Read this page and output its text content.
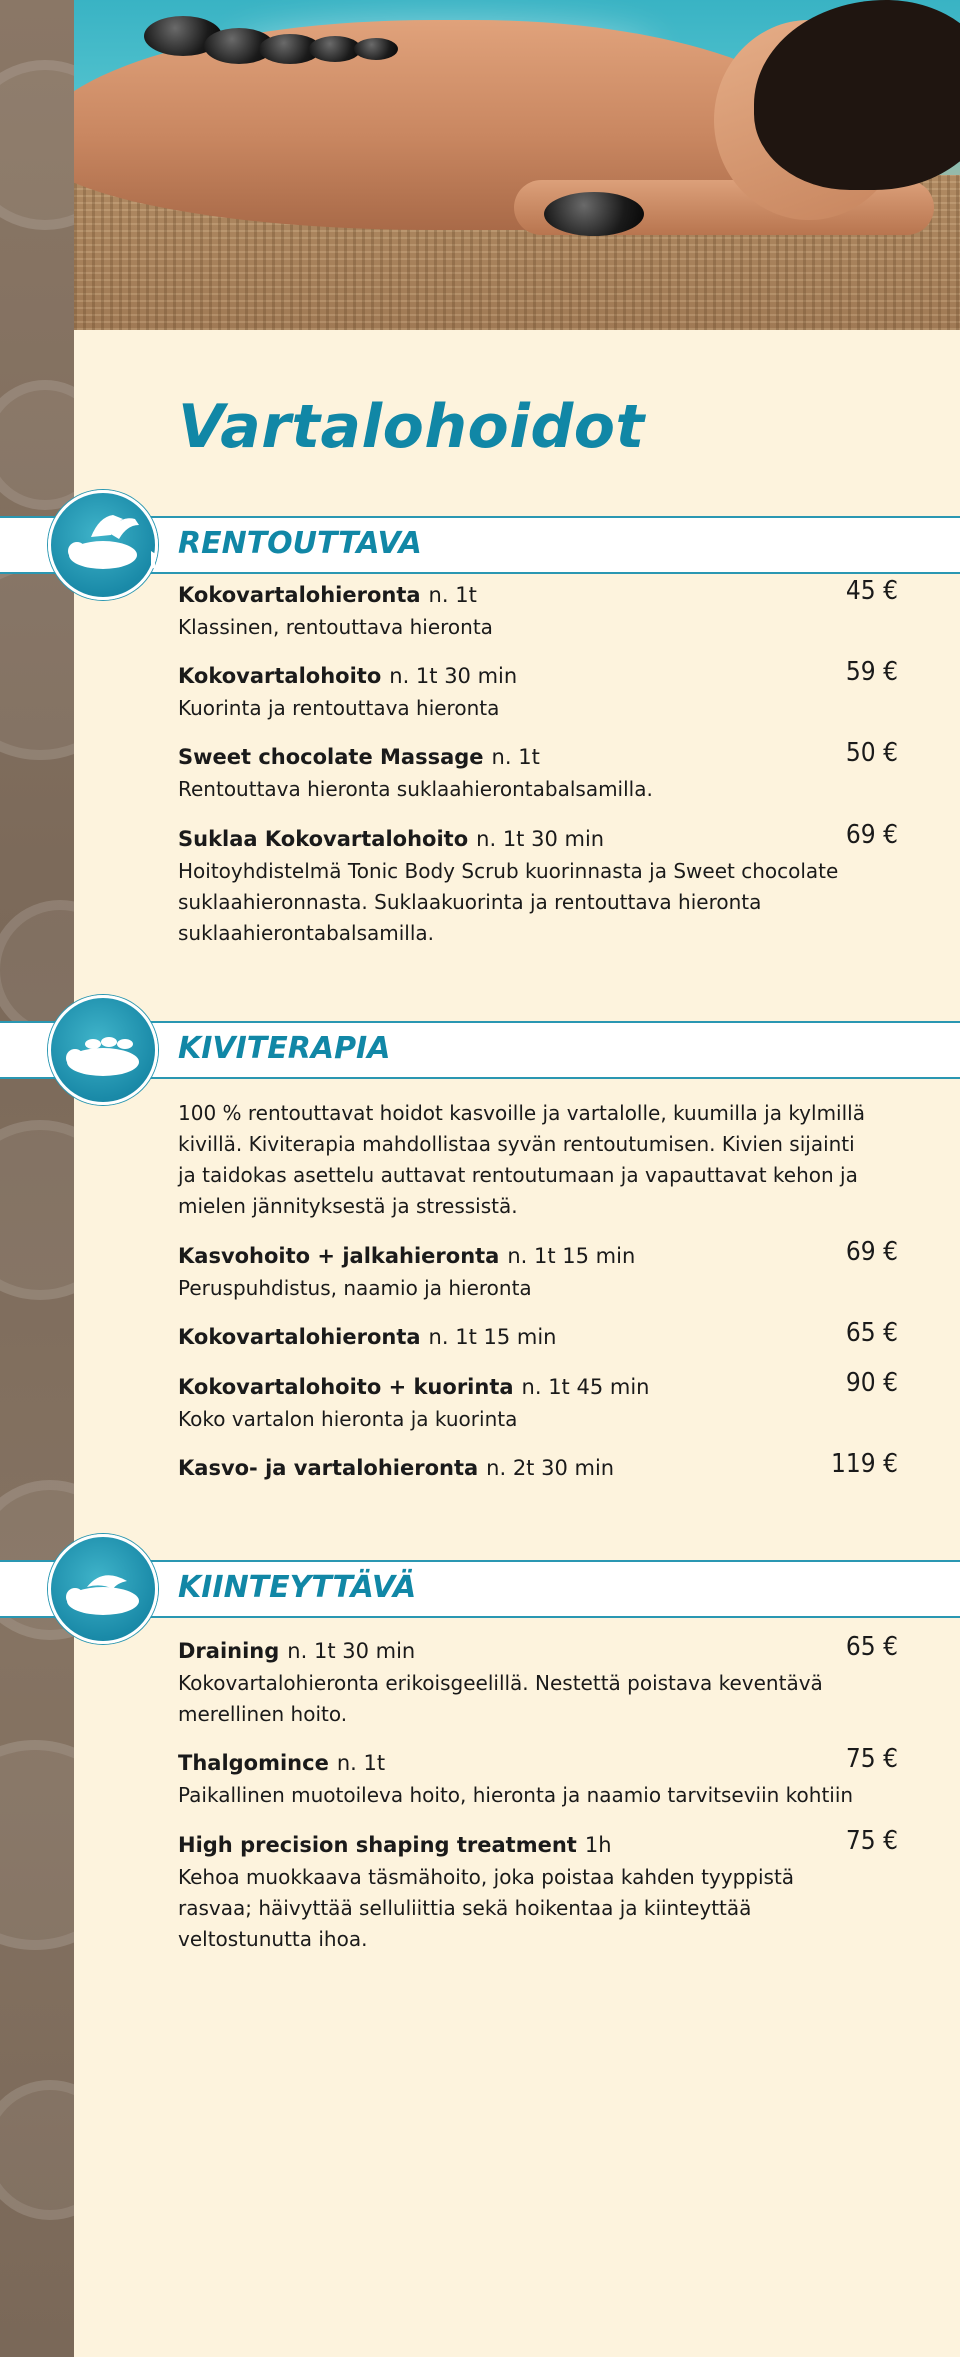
Vartalohoidot
RENTOUTTAVA
Kokovartalohieronta n. 1t	45 €
Klassinen, rentouttava hieronta
Kokovartalohoito n. 1t 30 min	59 €
Kuorinta ja rentouttava hieronta
Sweet chocolate Massage n. 1t	50 €
Rentouttava hieronta suklaahierontabalsamilla.
Suklaa Kokovartalohoito n. 1t 30 min	69 €
Hoitoyhdistelmä Tonic Body Scrub kuorinnasta ja Sweet chocolate suklaahieronnasta. Suklaakuorinta ja rentouttava hieronta suklaahierontabalsamilla.
KIVITERAPIA
100 % rentouttavat hoidot kasvoille ja vartalolle, kuumilla ja kylmillä kivillä. Kiviterapia mahdollistaa syvän rentoutumisen. Kivien sijainti ja taidokas asettelu auttavat rentoutumaan ja vapauttavat kehon ja mielen jännityksestä ja stressistä.
Kasvohoito + jalkahieronta n. 1t 15 min	69 €
Peruspuhdistus, naamio ja hieronta
Kokovartalohieronta n. 1t 15 min	65 €
Kokovartalohoito + kuorinta n. 1t 45 min	90 €
Koko vartalon hieronta ja kuorinta
Kasvo- ja vartalohieronta n. 2t 30 min	119 €
KIINTEYTTÄVÄ
Draining n. 1t 30 min	65 €
Kokovartalohieronta erikoisgeelillä. Nestettä poistava keventävä merellinen hoito.
Thalgomince n. 1t	75 €
Paikallinen muotoileva hoito, hieronta ja naamio tarvitseviin kohtiin
High precision shaping treatment 1h	75 €
Kehoa muokkaava täsmähoito, joka poistaa kahden tyyppistä rasvaa; häivyttää selluliittia sekä hoikentaa ja kiinteyttää veltostunutta ihoa.
